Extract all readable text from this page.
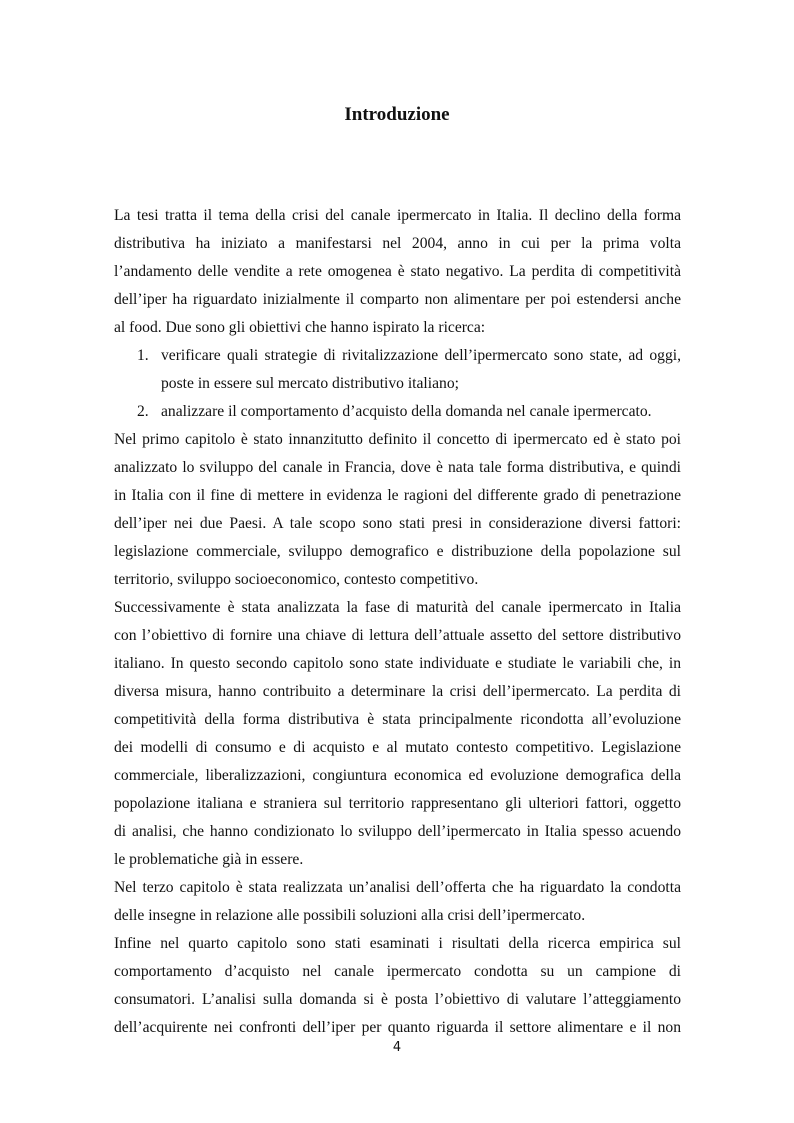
Introduzione
La tesi tratta il tema della crisi del canale ipermercato in Italia. Il declino della forma
distributiva ha iniziato a manifestarsi nel 2004, anno in cui per la prima volta
l’andamento delle vendite a rete omogenea è stato negativo. La perdita di competitività
dell’iper ha riguardato inizialmente il comparto non alimentare per poi estendersi anche
al food. Due sono gli obiettivi che hanno ispirato la ricerca:
1. verificare quali strategie di rivitalizzazione dell’ipermercato sono state, ad oggi,
poste in essere sul mercato distributivo italiano;
2. analizzare il comportamento d’acquisto della domanda nel canale ipermercato.
Nel primo capitolo è stato innanzitutto definito il concetto di ipermercato ed è stato poi
analizzato lo sviluppo del canale in Francia, dove è nata tale forma distributiva, e quindi
in Italia con il fine di mettere in evidenza le ragioni del differente grado di penetrazione
dell’iper nei due Paesi. A tale scopo sono stati presi in considerazione diversi fattori:
legislazione commerciale, sviluppo demografico e distribuzione della popolazione sul
territorio, sviluppo socioeconomico, contesto competitivo.
Successivamente è stata analizzata la fase di maturità del canale ipermercato in Italia
con l’obiettivo di fornire una chiave di lettura dell’attuale assetto del settore distributivo
italiano. In questo secondo capitolo sono state individuate e studiate le variabili che, in
diversa misura, hanno contribuito a determinare la crisi dell’ipermercato. La perdita di
competitività della forma distributiva è stata principalmente ricondotta all’evoluzione
dei modelli di consumo e di acquisto e al mutato contesto competitivo. Legislazione
commerciale, liberalizzazioni, congiuntura economica ed evoluzione demografica della
popolazione italiana e straniera sul territorio rappresentano gli ulteriori fattori, oggetto
di analisi, che hanno condizionato lo sviluppo dell’ipermercato in Italia spesso acuendo
le problematiche già in essere.
Nel terzo capitolo è stata realizzata un’analisi dell’offerta che ha riguardato la condotta
delle insegne in relazione alle possibili soluzioni alla crisi dell’ipermercato.
Infine nel quarto capitolo sono stati esaminati i risultati della ricerca empirica sul
comportamento d’acquisto nel canale ipermercato condotta su un campione di
consumatori. L’analisi sulla domanda si è posta l’obiettivo di valutare l’atteggiamento
dell’acquirente nei confronti dell’iper per quanto riguarda il settore alimentare e il non
4
